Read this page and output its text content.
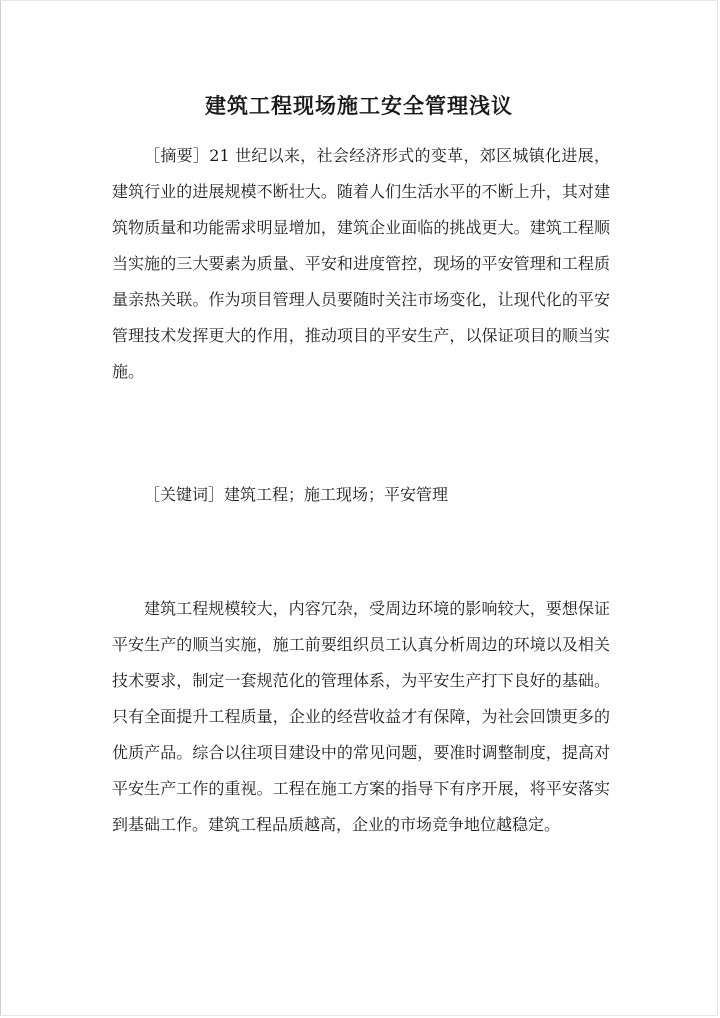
建筑工程现场施工安全管理浅议

［摘要］21 世纪以来，社会经济形式的变革，郊区城镇化进展，建筑行业的进展规模不断壮大。随着人们生活水平的不断上升，其对建筑物质量和功能需求明显增加，建筑企业面临的挑战更大。建筑工程顺当实施的三大要素为质量、平安和进度管控，现场的平安管理和工程质量亲热关联。作为项目管理人员要随时关注市场变化，让现代化的平安管理技术发挥更大的作用，推动项目的平安生产，以保证项目的顺当实施。

［关键词］建筑工程；施工现场；平安管理

建筑工程规模较大，内容冗杂，受周边环境的影响较大，要想保证平安生产的顺当实施，施工前要组织员工认真分析周边的环境以及相关技术要求，制定一套规范化的管理体系，为平安生产打下良好的基础。只有全面提升工程质量，企业的经营收益才有保障，为社会回馈更多的优质产品。综合以往项目建设中的常见问题，要准时调整制度，提高对平安生产工作的重视。工程在施工方案的指导下有序开展，将平安落实到基础工作。建筑工程品质越高，企业的市场竞争地位越稳定。
